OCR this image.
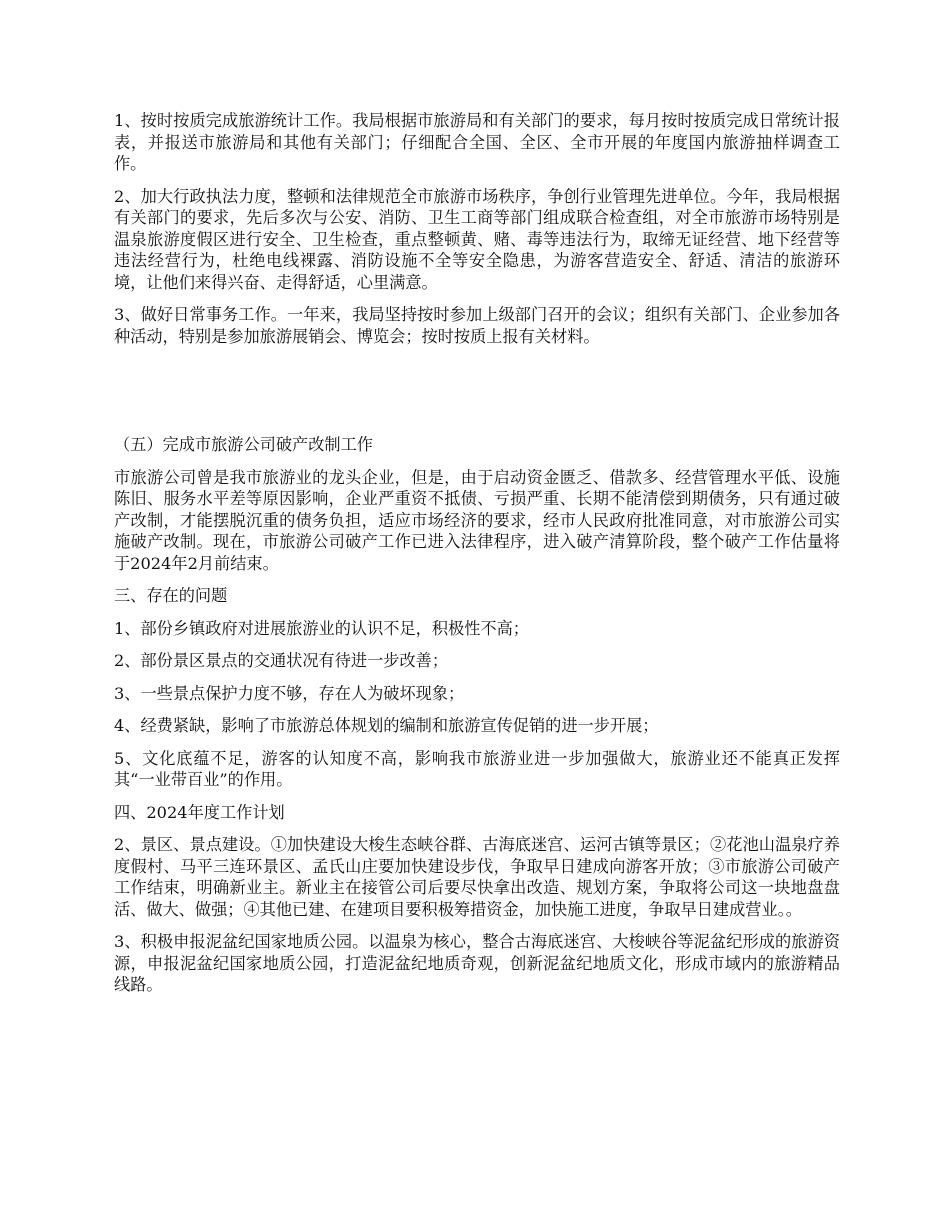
1、按时按质完成旅游统计工作。我局根据市旅游局和有关部门的要求，每月按时按质完成日常统计报表，并报送市旅游局和其他有关部门；仔细配合全国、全区、全市开展的年度国内旅游抽样调查工作。

2、加大行政执法力度，整顿和法律规范全市旅游市场秩序，争创行业管理先进单位。今年，我局根据有关部门的要求，先后多次与公安、消防、卫生工商等部门组成联合检查组，对全市旅游市场特别是温泉旅游度假区进行安全、卫生检查，重点整顿黄、赌、毒等违法行为，取缔无证经营、地下经营等违法经营行为，杜绝电线裸露、消防设施不全等安全隐患，为游客营造安全、舒适、清洁的旅游环境，让他们来得兴奋、走得舒适，心里满意。

3、做好日常事务工作。一年来，我局坚持按时参加上级部门召开的会议；组织有关部门、企业参加各种活动，特别是参加旅游展销会、博览会；按时按质上报有关材料。

（五）完成市旅游公司破产改制工作

市旅游公司曾是我市旅游业的龙头企业，但是，由于启动资金匮乏、借款多、经营管理水平低、设施陈旧、服务水平差等原因影响，企业严重资不抵债、亏损严重、长期不能清偿到期债务，只有通过破产改制，才能摆脱沉重的债务负担，适应市场经济的要求，经市人民政府批准同意，对市旅游公司实施破产改制。现在，市旅游公司破产工作已进入法律程序，进入破产清算阶段，整个破产工作估量将于2024年2月前结束。

三、存在的问题

1、部份乡镇政府对进展旅游业的认识不足，积极性不高；

2、部份景区景点的交通状况有待进一步改善；

3、一些景点保护力度不够，存在人为破坏现象；

4、经费紧缺，影响了市旅游总体规划的编制和旅游宣传促销的进一步开展；

5、文化底蕴不足，游客的认知度不高，影响我市旅游业进一步加强做大，旅游业还不能真正发挥其“一业带百业”的作用。

四、2024年度工作计划

2、景区、景点建设。①加快建设大梭生态峡谷群、古海底迷宫、运河古镇等景区；②花池山温泉疗养度假村、马平三连环景区、孟氏山庄要加快建设步伐，争取早日建成向游客开放；③市旅游公司破产工作结束，明确新业主。新业主在接管公司后要尽快拿出改造、规划方案，争取将公司这一块地盘盘活、做大、做强；④其他已建、在建项目要积极筹措资金，加快施工进度，争取早日建成营业。。

3、积极申报泥盆纪国家地质公园。以温泉为核心，整合古海底迷宫、大梭峡谷等泥盆纪形成的旅游资源，申报泥盆纪国家地质公园，打造泥盆纪地质奇观，创新泥盆纪地质文化，形成市域内的旅游精品线路。
